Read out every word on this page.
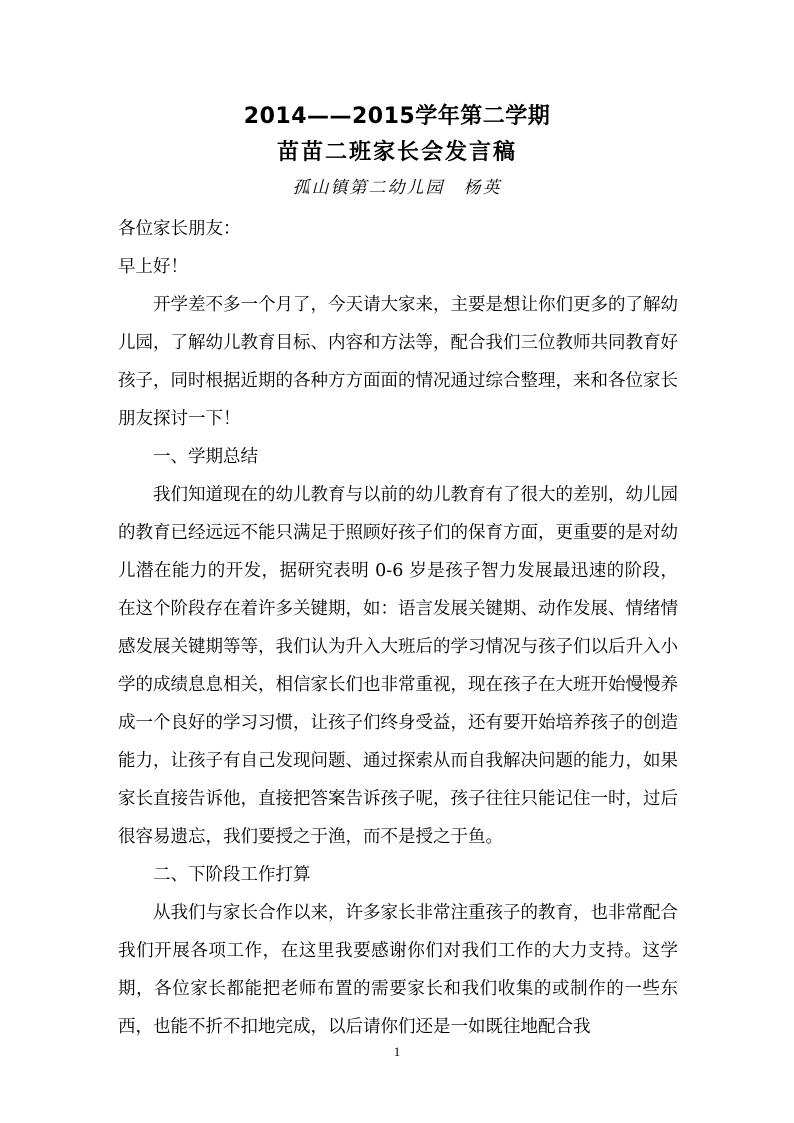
2014——2015学年第二学期
苗苗二班家长会发言稿
孤山镇第二幼儿园　杨英

各位家长朋友：

早上好！

开学差不多一个月了，今天请大家来，主要是想让你们更多的了解幼儿园，了解幼儿教育目标、内容和方法等，配合我们三位教师共同教育好孩子，同时根据近期的各种方方面面的情况通过综合整理，来和各位家长朋友探讨一下！

一、学期总结

我们知道现在的幼儿教育与以前的幼儿教育有了很大的差别，幼儿园的教育已经远远不能只满足于照顾好孩子们的保育方面，更重要的是对幼儿潜在能力的开发，据研究表明 0-6 岁是孩子智力发展最迅速的阶段，在这个阶段存在着许多关键期，如：语言发展关键期、动作发展、情绪情感发展关键期等等，我们认为升入大班后的学习情况与孩子们以后升入小学的成绩息息相关，相信家长们也非常重视，现在孩子在大班开始慢慢养成一个良好的学习习惯，让孩子们终身受益，还有要开始培养孩子的创造能力，让孩子有自己发现问题、通过探索从而自我解决问题的能力，如果家长直接告诉他，直接把答案告诉孩子呢，孩子往往只能记住一时，过后很容易遗忘，我们要授之于渔，而不是授之于鱼。

二、下阶段工作打算

从我们与家长合作以来，许多家长非常注重孩子的教育，也非常配合我们开展各项工作，在这里我要感谢你们对我们工作的大力支持。这学期，各位家长都能把老师布置的需要家长和我们收集的或制作的一些东西，也能不折不扣地完成，以后请你们还是一如既往地配合我

1
